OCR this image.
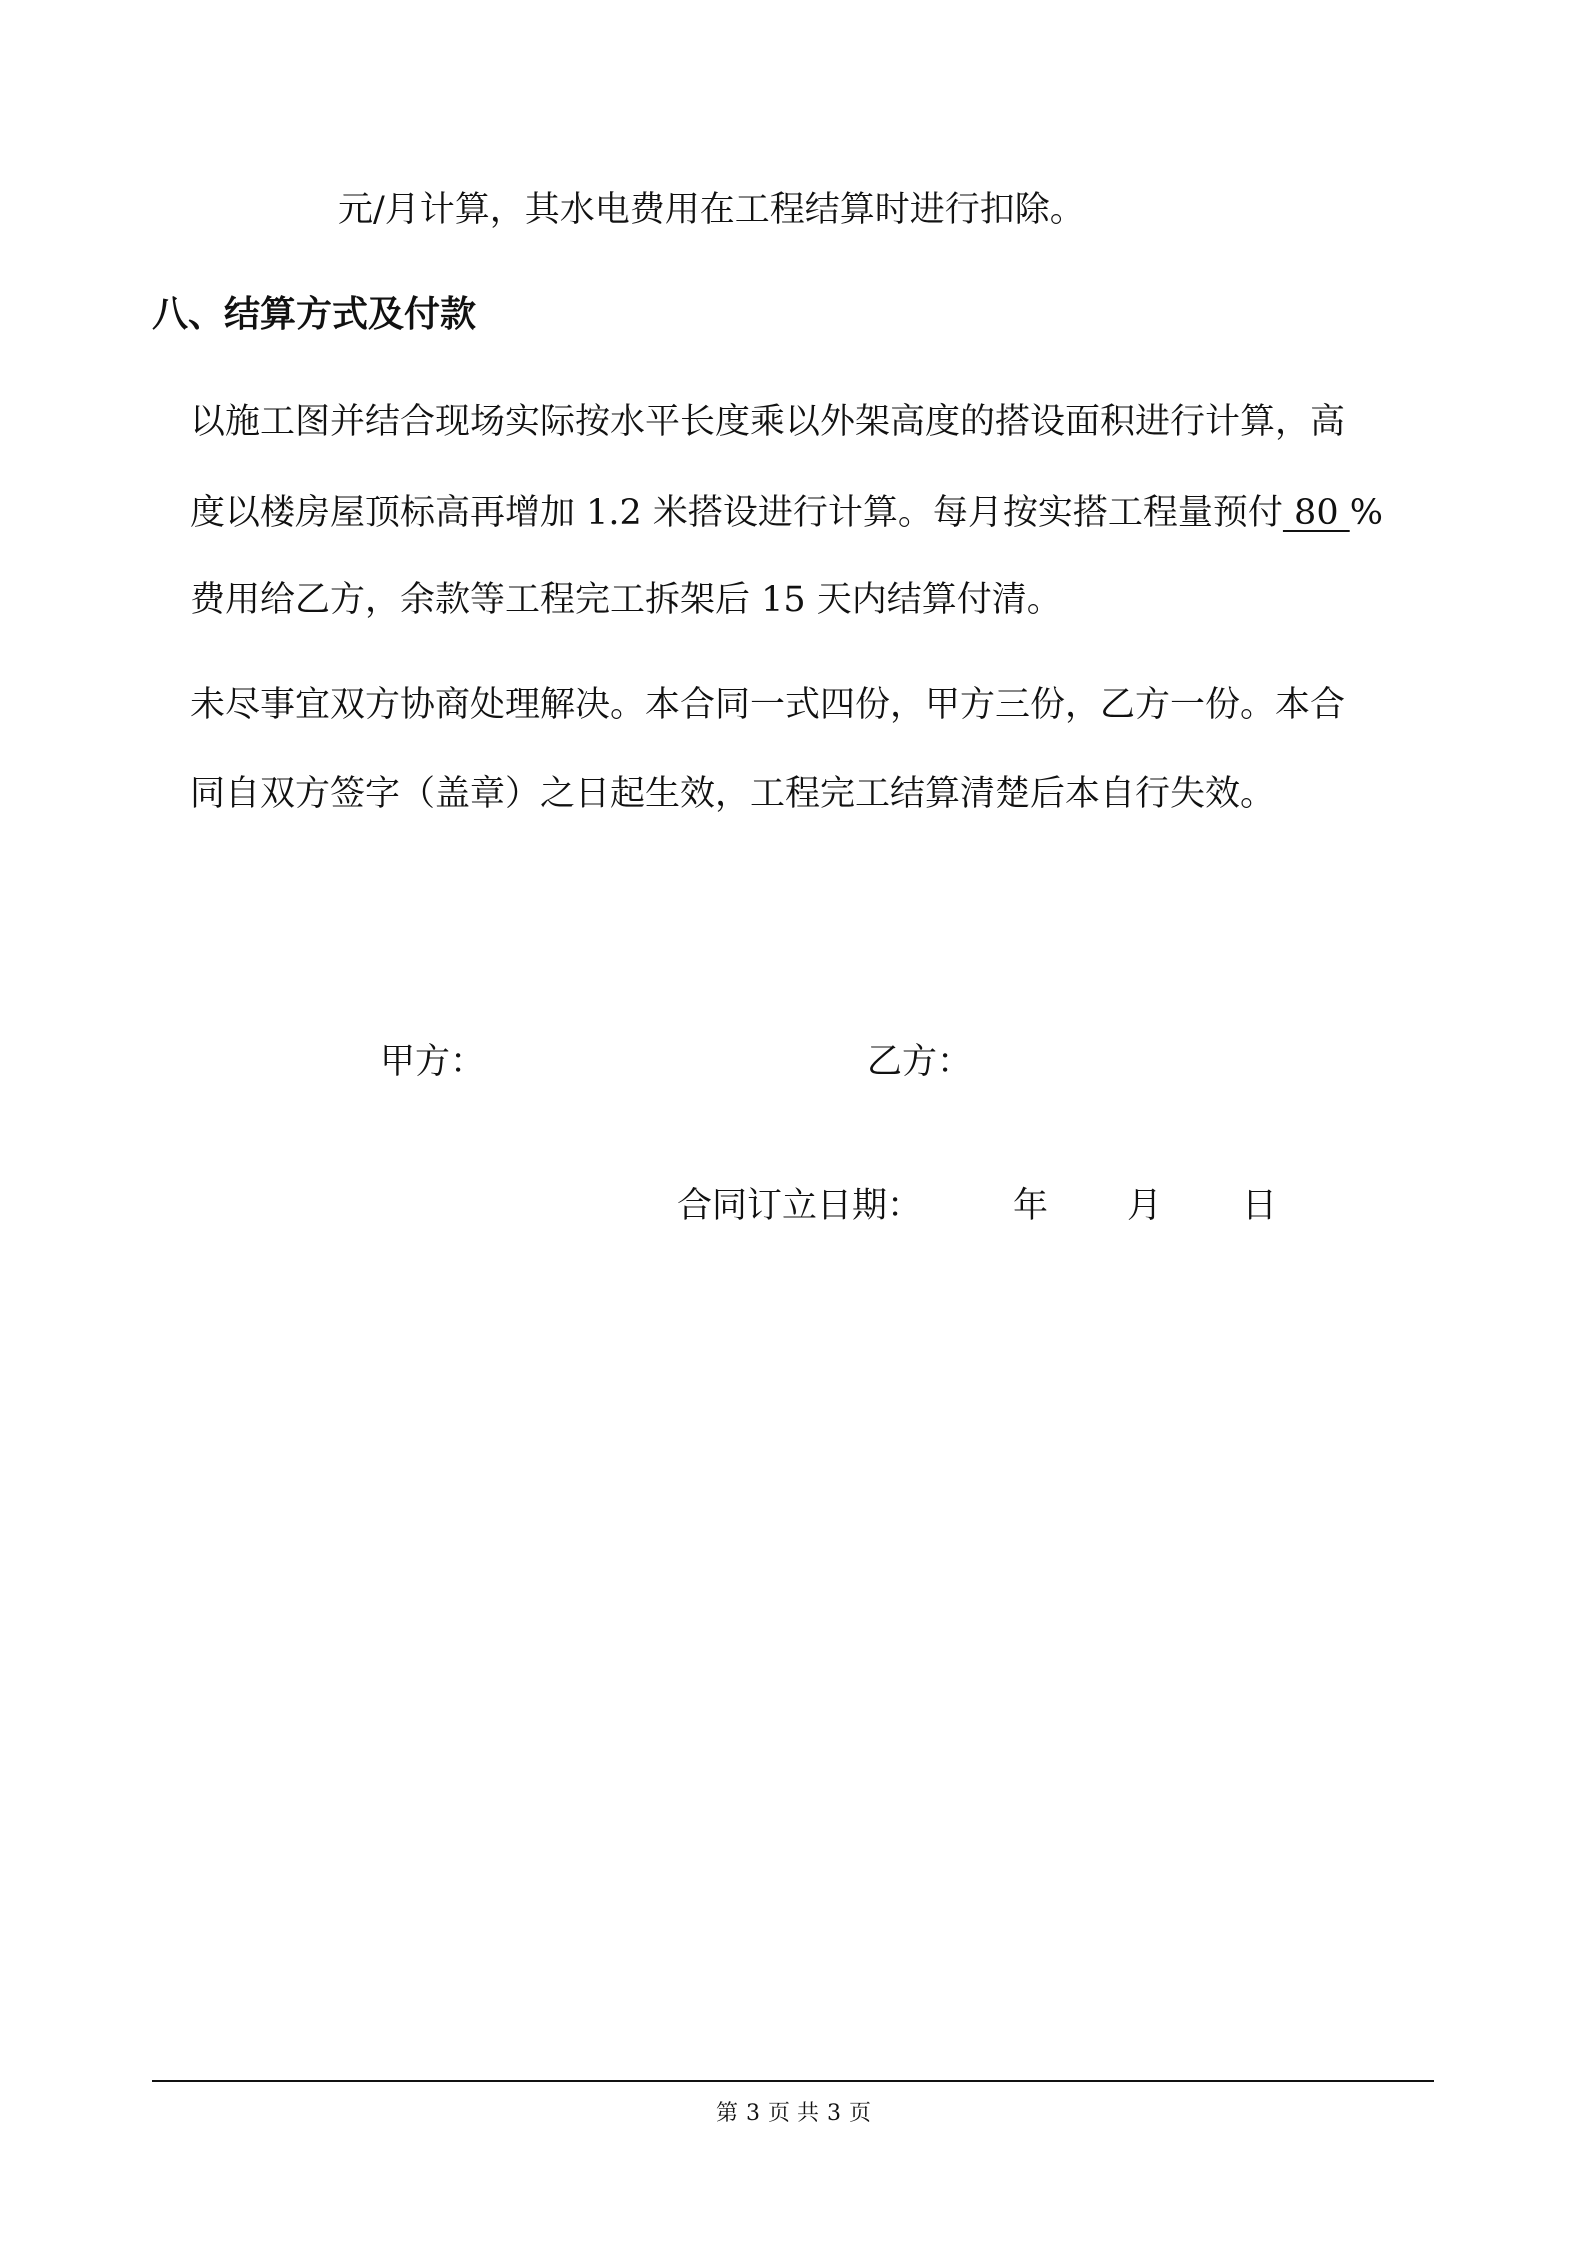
元/月计算，其水电费用在工程结算时进行扣除。
八、结算方式及付款
以施工图并结合现场实际按水平长度乘以外架高度的搭设面积进行计算，高
度以楼房屋顶标高再增加 1.2 米搭设进行计算。每月按实搭工程量预付 80 %
费用给乙方，余款等工程完工拆架后 15 天内结算付清。
未尽事宜双方协商处理解决。本合同一式四份，甲方三份，乙方一份。本合
同自双方签字（盖章）之日起生效，工程完工结算清楚后本自行失效。
甲方：	乙方：
合同订立日期：	年 月 日
第 3 页 共 3 页
